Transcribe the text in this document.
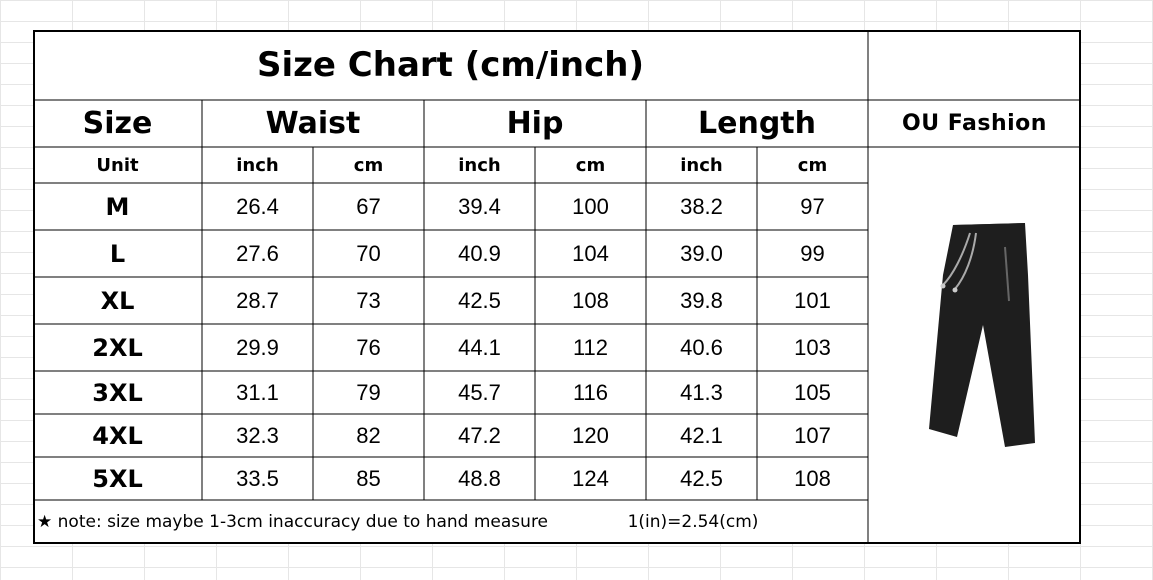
Size Chart (cm/inch)
OU Fashion
Size	Waist	Hip	Length
Unit	inch	cm	inch	cm	inch	cm
M	26.4	67	39.4	100	38.2	97
L	27.6	70	40.9	104	39.0	99
XL	28.7	73	42.5	108	39.8	101
2XL	29.9	76	44.1	112	40.6	103
3XL	31.1	79	45.7	116	41.3	105
4XL	32.3	82	47.2	120	42.1	107
5XL	33.5	85	48.8	124	42.5	108
★ note: size maybe 1-3cm inaccuracy due to hand measure	1(in)=2.54(cm)
